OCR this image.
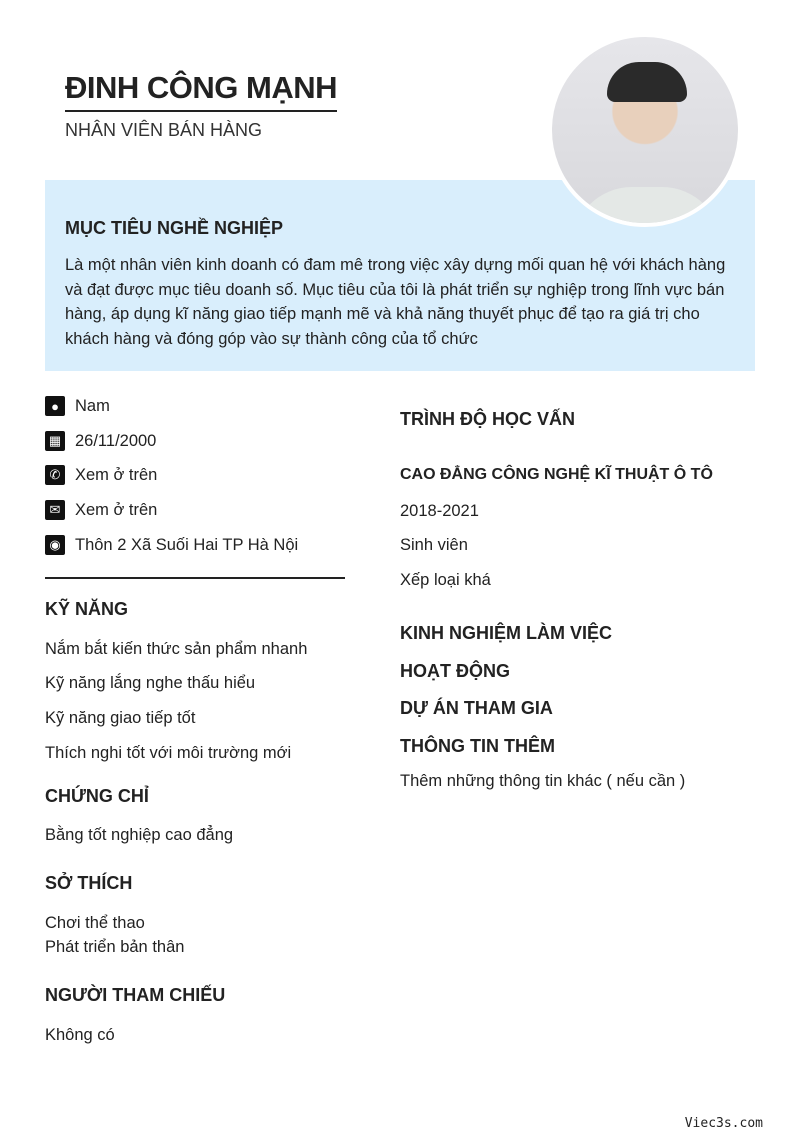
ĐINH CÔNG MẠNH
NHÂN VIÊN BÁN HÀNG
MỤC TIÊU NGHỀ NGHIỆP
Là một nhân viên kinh doanh có đam mê trong việc xây dựng mối quan hệ với khách hàng và đạt được mục tiêu doanh số. Mục tiêu của tôi là phát triển sự nghiệp trong lĩnh vực bán hàng, áp dụng kĩ năng giao tiếp mạnh mẽ và khả năng thuyết phục để tạo ra giá trị cho khách hàng và đóng góp vào sự thành công của tổ chức
● Nam
▦ 26/11/2000
✆ Xem ở trên
✉ Xem ở trên
◉ Thôn 2 Xã Suối Hai TP Hà Nội
KỸ NĂNG
Nắm bắt kiến thức sản phẩm nhanh
Kỹ năng lắng nghe thấu hiểu
Kỹ năng giao tiếp tốt
Thích nghi tốt với môi trường mới
CHỨNG CHỈ
Bằng tốt nghiệp cao đẳng
SỞ THÍCH
Chơi thể thao
Phát triển bản thân
NGƯỜI THAM CHIẾU
Không có
TRÌNH ĐỘ HỌC VẤN
CAO ĐẲNG CÔNG NGHỆ KĨ THUẬT Ô TÔ
2018-2021
Sinh viên
Xếp loại khá
KINH NGHIỆM LÀM VIỆC
HOẠT ĐỘNG
DỰ ÁN THAM GIA
THÔNG TIN THÊM
Thêm những thông tin khác ( nếu cần )
Viec3s.com
